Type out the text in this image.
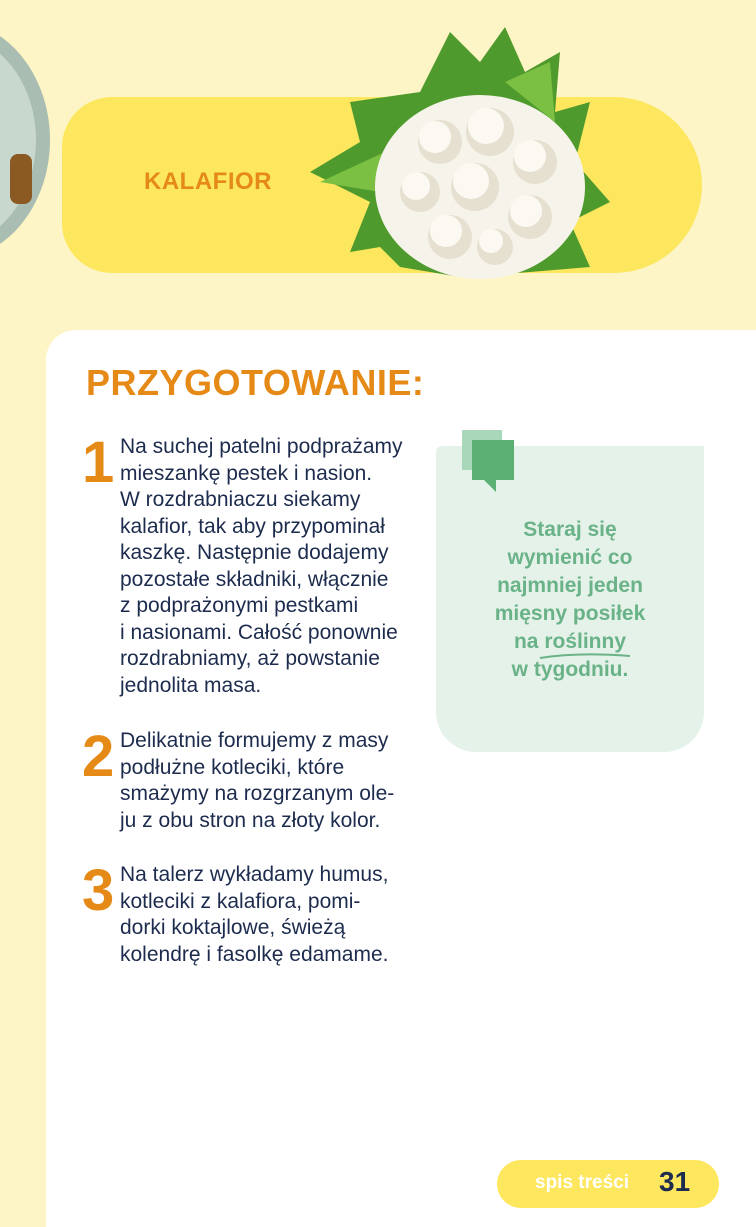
KALAFIOR
PRZYGOTOWANIE:
1 Na suchej patelni podprażamy
mieszankę pestek i nasion.
W rozdrabniaczu siekamy
kalafior, tak aby przypominał
kaszkę. Następnie dodajemy
pozostałe składniki, włącznie
z podprażonymi pestkami
i nasionami. Całość ponownie
rozdrabniamy, aż powstanie
jednolita masa.
2 Delikatnie formujemy z masy
podłużne kotleciki, które
smażymy na rozgrzanym ole-
ju z obu stron na złoty kolor.
3 Na talerz wykładamy humus,
kotleciki z kalafiora, pomi-
dorki koktajlowe, świeżą
kolendrę i fasolkę edamame.
Staraj się
wymienić co
najmniej jeden
mięsny posiłek
na roślinny
w tygodniu.
spis treści 31
